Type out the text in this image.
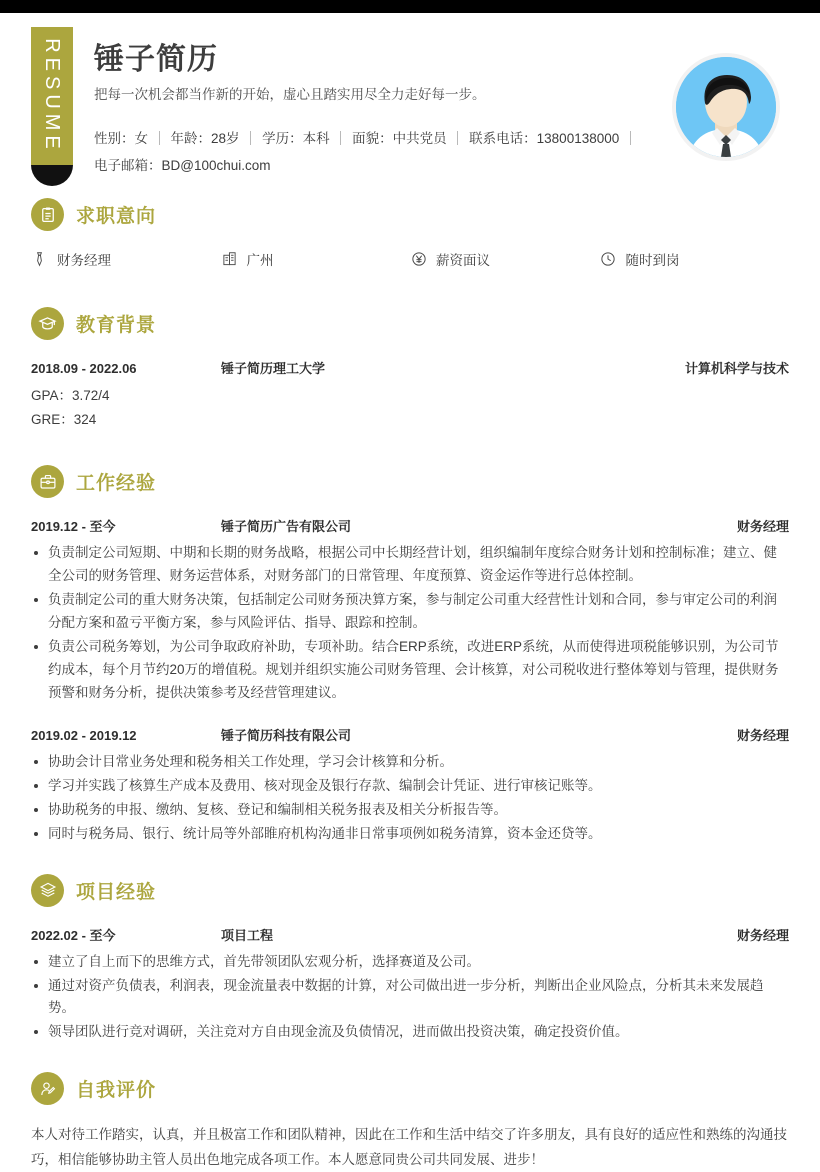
RESUME	锤子简历
把每一次机会都当作新的开始，虚心且踏实用尽全力走好每一步。
性别：女 年龄：28岁 学历：本科 面貌：中共党员 联系电话：13800138000
电子邮箱：BD@100chui.com
求职意向
财务经理	广州	薪资面议	随时到岗
教育背景
2018.09 - 2022.06	锤子简历理工大学	计算机科学与技术
GPA：3.72/4
GRE：324
工作经验
2019.12 - 至今	锤子简历广告有限公司	财务经理
负责制定公司短期、中期和长期的财务战略，根据公司中长期经营计划，组织编制年度综合财务计划和控制标准；建立、健全公司的财务管理、财务运营体系，对财务部门的日常管理、年度预算、资金运作等进行总体控制。
负责制定公司的重大财务决策，包括制定公司财务预决算方案，参与制定公司重大经营性计划和合同，参与审定公司的利润分配方案和盈亏平衡方案，参与风险评估、指导、跟踪和控制。
负责公司税务筹划，为公司争取政府补助，专项补助。结合ERP系统，改进ERP系统，从而使得进项税能够识别，为公司节约成本，每个月节约20万的增值税。规划并组织实施公司财务管理、会计核算，对公司税收进行整体筹划与管理，提供财务预警和财务分析，提供决策参考及经营管理建议。
2019.02 - 2019.12	锤子简历科技有限公司	财务经理
协助会计目常业务处理和税务相关工作处理，学习会计核算和分析。
学习并实践了核算生产成本及费用、核对现金及银行存款、编制会计凭证、进行审核记账等。
协助税务的申报、缴纳、复核、登记和编制相关税务报表及相关分析报告等。
同时与税务局、银行、统计局等外部睢府机构沟通非日常事项例如税务清算，资本金还贷等。
项目经验
2022.02 - 至今	项目工程	财务经理
建立了自上而下的思维方式，首先带领团队宏观分析，选择赛道及公司。
通过对资产负债表，利润表，现金流量表中数据的计算，对公司做出进一步分析，判断出企业风险点，分析其未来发展趋势。
领导团队进行竞对调研，关注竞对方自由现金流及负债情况，进而做出投资决策，确定投资价值。
自我评价

本人对待工作踏实，认真，并且极富工作和团队精神，因此在工作和生活中结交了许多朋友，具有良好的适应性和熟练的沟通技巧，相信能够协助主管人员出色地完成各项工作。本人愿意同贵公司共同发展、进步！
